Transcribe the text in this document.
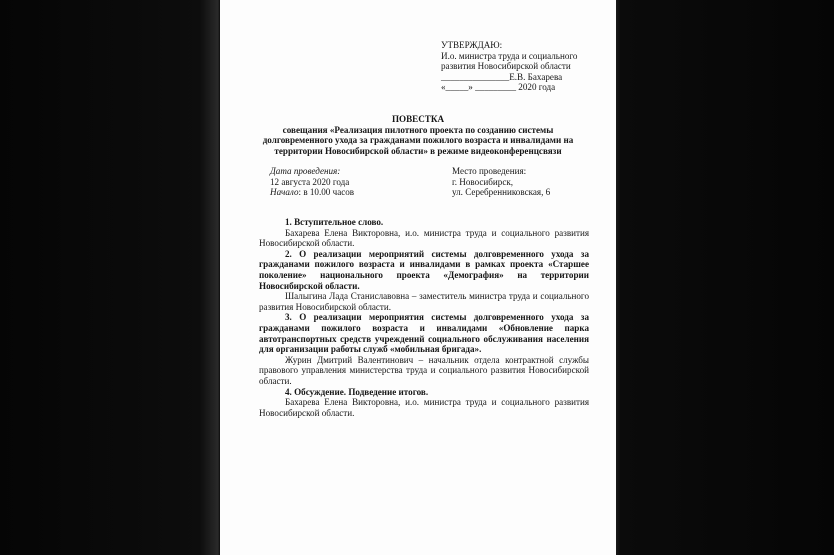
УТВЕРЖДАЮ:
И.о. министра труда и социального
развития Новосибирской области
_______________Е.В. Бахарева
«_____» _________ 2020 года
ПОВЕСТКА
совещания «Реализация пилотного проекта по созданию системы
долговременного ухода за гражданами пожилого возраста и инвалидами на
территории Новосибирской области» в режиме видеоконференцсвязи
Дата проведения:
12 августа 2020 года
Начало: в 10.00 часов
Место проведения:
г. Новосибирск,
ул. Серебренниковская, 6
1. Вступительное слово.
Бахарева Елена Викторовна, и.о. министра труда и социального развития Новосибирской области.
2. О реализации мероприятий системы долговременного ухода за гражданами пожилого возраста и инвалидами в рамках проекта «Старшее поколение» национального проекта «Демография» на территории Новосибирской области.
Шалыгина Лада Станиславовна – заместитель министра труда и социального развития Новосибирской области.
3. О реализации мероприятия системы долговременного ухода за гражданами пожилого возраста и инвалидами «Обновление парка автотранспортных средств учреждений социального обслуживания населения для организации работы служб «мобильная бригада».
Журин Дмитрий Валентинович – начальник отдела контрактной службы правового управления министерства труда и социального развития Новосибирской области.
4. Обсуждение. Подведение итогов.
Бахарева Елена Викторовна, и.о. министра труда и социального развития Новосибирской области.
